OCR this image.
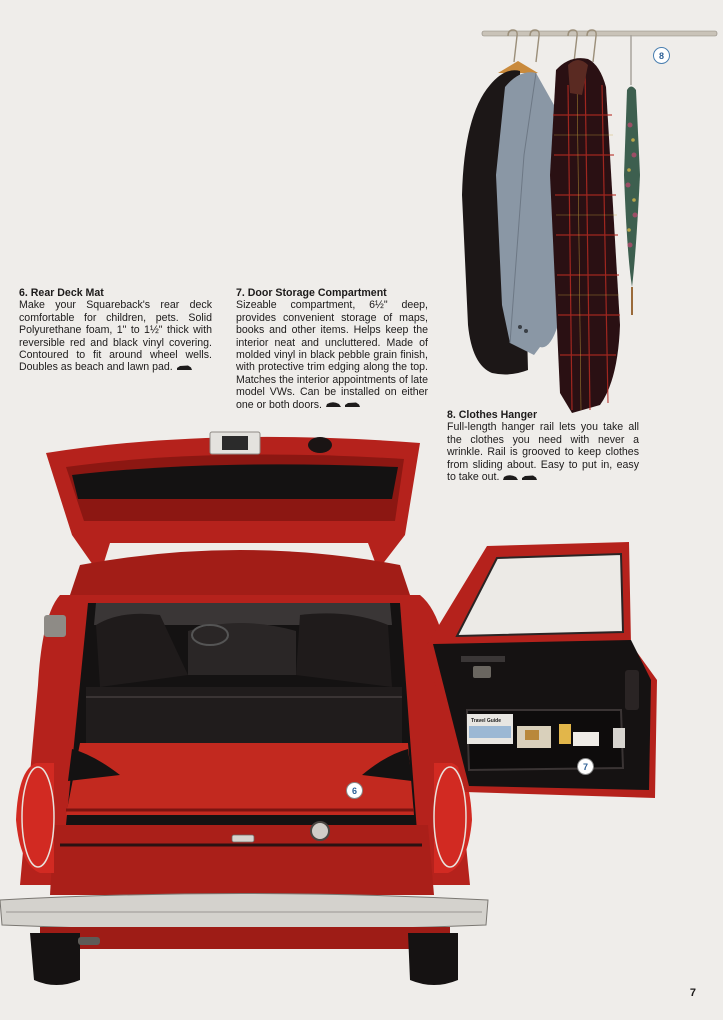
8
6. Rear Deck Mat

Make your Squareback's rear deck comfortable for children, pets. Solid Polyurethane foam, 1" to 1½" thick with reversible red and black vinyl covering. Contoured to fit around wheel wells. Doubles as beach and lawn pad.

7. Door Storage Compartment

Sizeable compartment, 6½" deep, provides convenient storage of maps, books and other items. Helps keep the interior neat and uncluttered. Made of molded vinyl in black pebble grain finish, with protective trim edging along the top. Matches the interior appointments of late model VWs. Can be installed on either one or both doors.

8. Clothes Hanger

Full-length hanger rail lets you take all the clothes you need with never a wrinkle. Rail is grooved to keep clothes from sliding about. Easy to put in, easy to take out.

6
Travel Guide
7
7
